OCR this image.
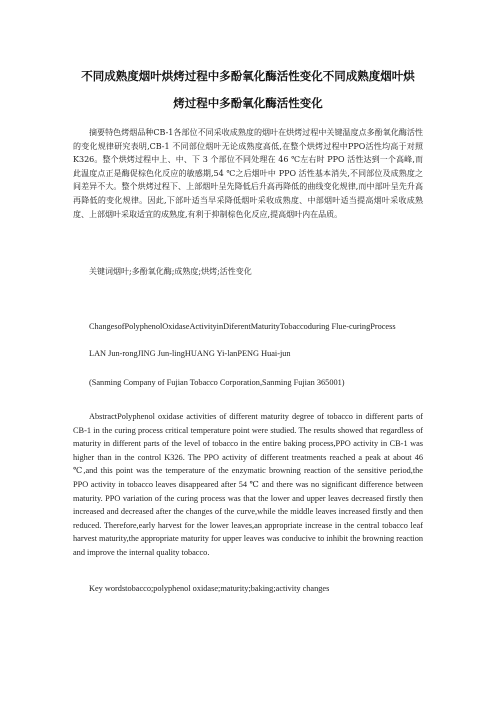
不同成熟度烟叶烘烤过程中多酚氧化酶活性变化不同成熟度烟叶烘
烤过程中多酚氧化酶活性变化
摘要特色烤烟品种CB-1各部位不同采收成熟度的烟叶在烘烤过程中关键温度点多酚氧化酶活性的变化规律研究表明,CB-1 不同部位烟叶无论成熟度高低,在整个烘烤过程中PPO活性均高于对照K326。整个烘烤过程中上、中、下 3 个部位不同处理在 46 ℃左右时 PPO 活性达到一个高峰,而此温度点正是酶促棕色化反应的敏感期,54 ℃之后烟叶中 PPO 活性基本消失,不同部位及成熟度之间差异不大。整个烘烤过程下、上部烟叶呈先降低后升高再降低的曲线变化规律,而中部叶呈先升高再降低的变化规律。因此,下部叶适当早采降低烟叶采收成熟度、中部烟叶适当提高烟叶采收成熟度、上部烟叶采取适宜的成熟度,有利于抑制棕色化反应,提高烟叶内在品质。
关键词烟叶;多酚氧化酶;成熟度;烘烤;活性变化
ChangesofPolyphenolOxidaseActivityinDiferentMaturityTobaccoduring Flue-curingProcess
LAN Jun-rongJING Jun-lingHUANG Yi-lanPENG Huai-jun
(Sanming Company of Fujian Tobacco Corporation,Sanming Fujian 365001)
AbstractPolyphenol oxidase activities of different maturity degree of tobacco in different parts of CB-1 in the curing process critical temperature point were studied. The results showed that regardless of maturity in different parts of the level of tobacco in the entire baking process,PPO activity in CB-1 was higher than in the control K326. The PPO activity of different treatments reached a peak at about 46 ℃,and this point was the temperature of the enzymatic browning reaction of the sensitive period,the PPO activity in tobacco leaves disappeared after 54 ℃ and there was no significant difference between maturity. PPO variation of the curing process was that the lower and upper leaves decreased firstly then increased and decreased after the changes of the curve,while the middle leaves increased firstly and then reduced. Therefore,early harvest for the lower leaves,an appropriate increase in the central tobacco leaf harvest maturity,the appropriate maturity for upper leaves was conducive to inhibit the browning reaction and improve the internal quality tobacco.
Key wordstobacco;polyphenol oxidase;maturity;baking;activity changes
